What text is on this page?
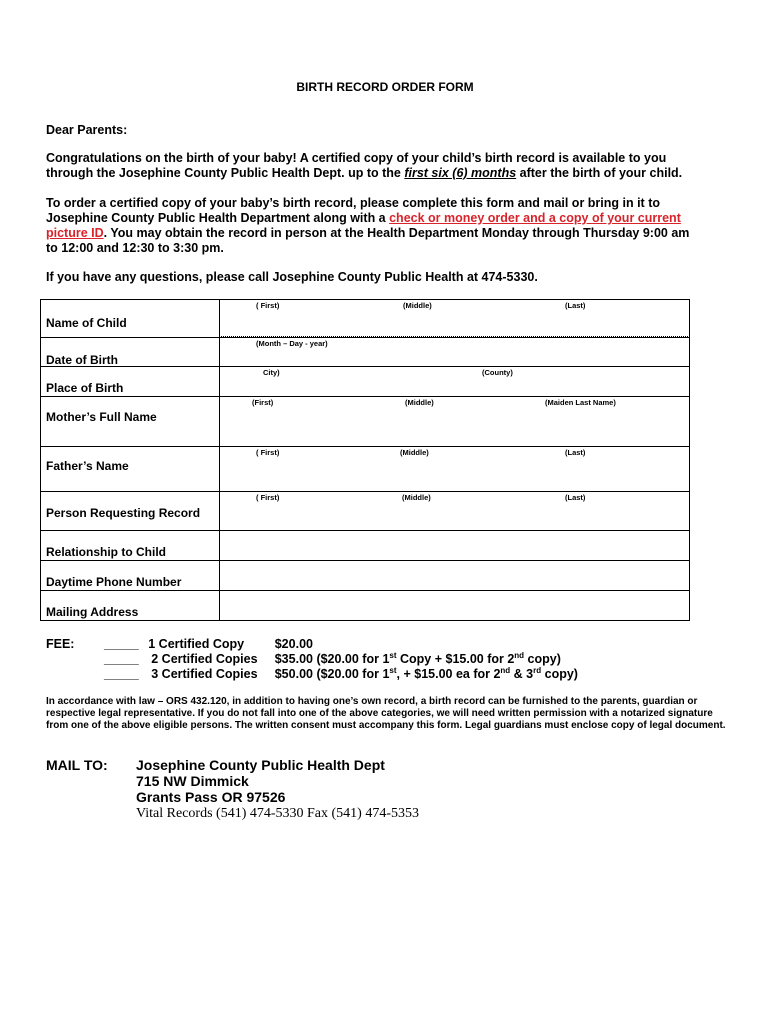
BIRTH RECORD ORDER FORM
Dear Parents:
Congratulations on the birth of your baby! A certified copy of your child’s birth record is available to you
through the Josephine County Public Health Dept. up to the first six (6) months after the birth of your child.
To order a certified copy of your baby’s birth record, please complete this form and mail or bring in it to
Josephine County Public Health Department along with a check or money order and a copy of your current
picture ID. You may obtain the record in person at the Health Department Monday through Thursday 9:00 am
to 12:00 and 12:30 to 3:30 pm.
If you have any questions, please call Josephine County Public Health at 474-5330.
Name of Child	( First) (Middle) (Last)

Date of Birth	(Month – Day - year)

Place of Birth	City) (County)

Mother’s Full Name	(First) (Middle) (Maiden Last Name)

Father’s Name	( First) (Middle) (Last)

Person Requesting Record	( First) (Middle) (Last)

Relationship to Child	

Daytime Phone Number	

Mailing Address	

FEE: _____ 1 Certified Copy $20.00
_____ 2 Certified Copies $35.00 ($20.00 for 1st Copy + $15.00 for 2nd copy)
_____ 3 Certified Copies $50.00 ($20.00 for 1st, + $15.00 ea for 2nd & 3rd copy)
In accordance with law – ORS 432.120, in addition to having one’s own record, a birth record can be furnished to the parents, guardian or respective legal representative. If you do not fall into one of the above categories, we will need written permission with a notarized signature from one of the above eligible persons. The written consent must accompany this form. Legal guardians must enclose copy of legal document.
MAIL TO: Josephine County Public Health Dept
715 NW Dimmick
Grants Pass OR 97526
Vital Records (541) 474-5330 Fax (541) 474-5353
